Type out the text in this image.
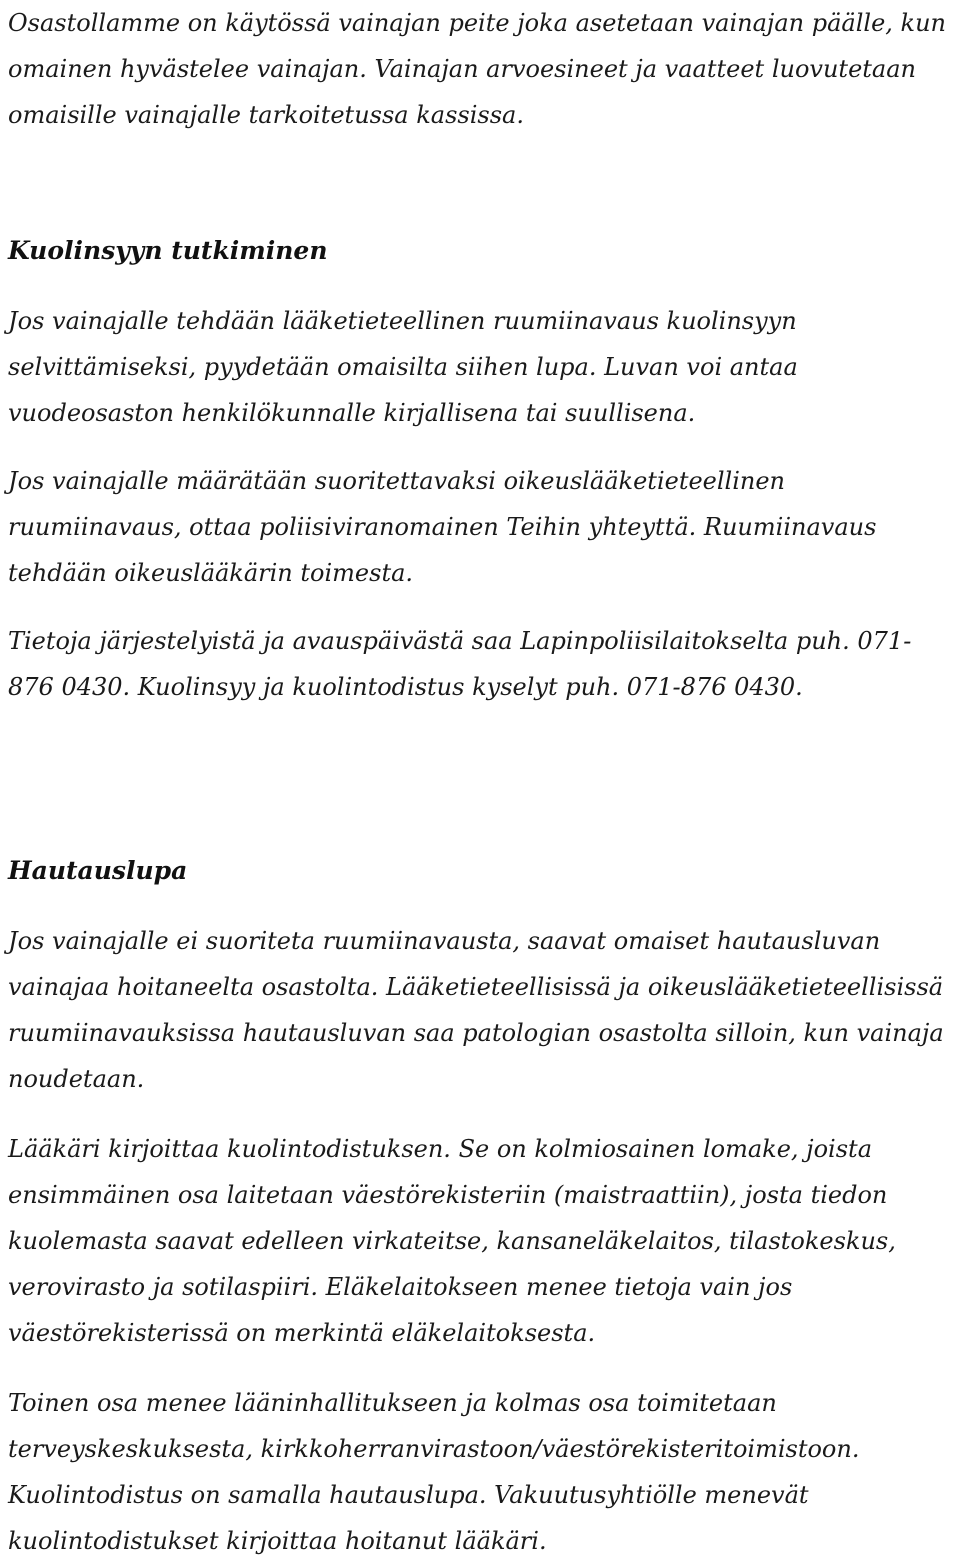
Osastollamme on käytössä vainajan peite joka asetetaan vainajan päälle, kun omainen hyvästelee vainajan. Vainajan arvoesineet ja vaatteet luovutetaan omaisille vainajalle tarkoitetussa kassissa.

Kuolinsyyn tutkiminen

Jos vainajalle tehdään lääketieteellinen ruumiinavaus kuolinsyyn selvittämiseksi, pyydetään omaisilta siihen lupa. Luvan voi antaa vuodeosaston henkilökunnalle kirjallisena tai suullisena.

Jos vainajalle määrätään suoritettavaksi oikeuslääketieteellinen ruumiinavaus, ottaa poliisiviranomainen Teihin yhteyttä. Ruumiinavaus tehdään oikeuslääkärin toimesta.

Tietoja järjestelyistä ja avauspäivästä saa Lapinpoliisilaitokselta puh. 071-876 0430. Kuolinsyy ja kuolintodistus kyselyt puh. 071-876 0430.

Hautauslupa

Jos vainajalle ei suoriteta ruumiinavausta, saavat omaiset hautausluvan vainajaa hoitaneelta osastolta. Lääketieteellisissä ja oikeuslääketieteellisissä ruumiinavauksissa hautausluvan saa patologian osastolta silloin, kun vainaja noudetaan.

Lääkäri kirjoittaa kuolintodistuksen. Se on kolmiosainen lomake, joista ensimmäinen osa laitetaan väestörekisteriin (maistraattiin), josta tiedon kuolemasta saavat edelleen virkateitse, kansaneläkelaitos, tilastokeskus, verovirasto ja sotilaspiiri. Eläkelaitokseen menee tietoja vain jos väestörekisterissä on merkintä eläkelaitoksesta.

Toinen osa menee lääninhallitukseen ja kolmas osa toimitetaan terveyskeskuksesta, kirkkoherranvirastoon/väestörekisteritoimistoon. Kuolintodistus on samalla hautauslupa. Vakuutusyhtiölle menevät kuolintodistukset kirjoittaa hoitanut lääkäri.
